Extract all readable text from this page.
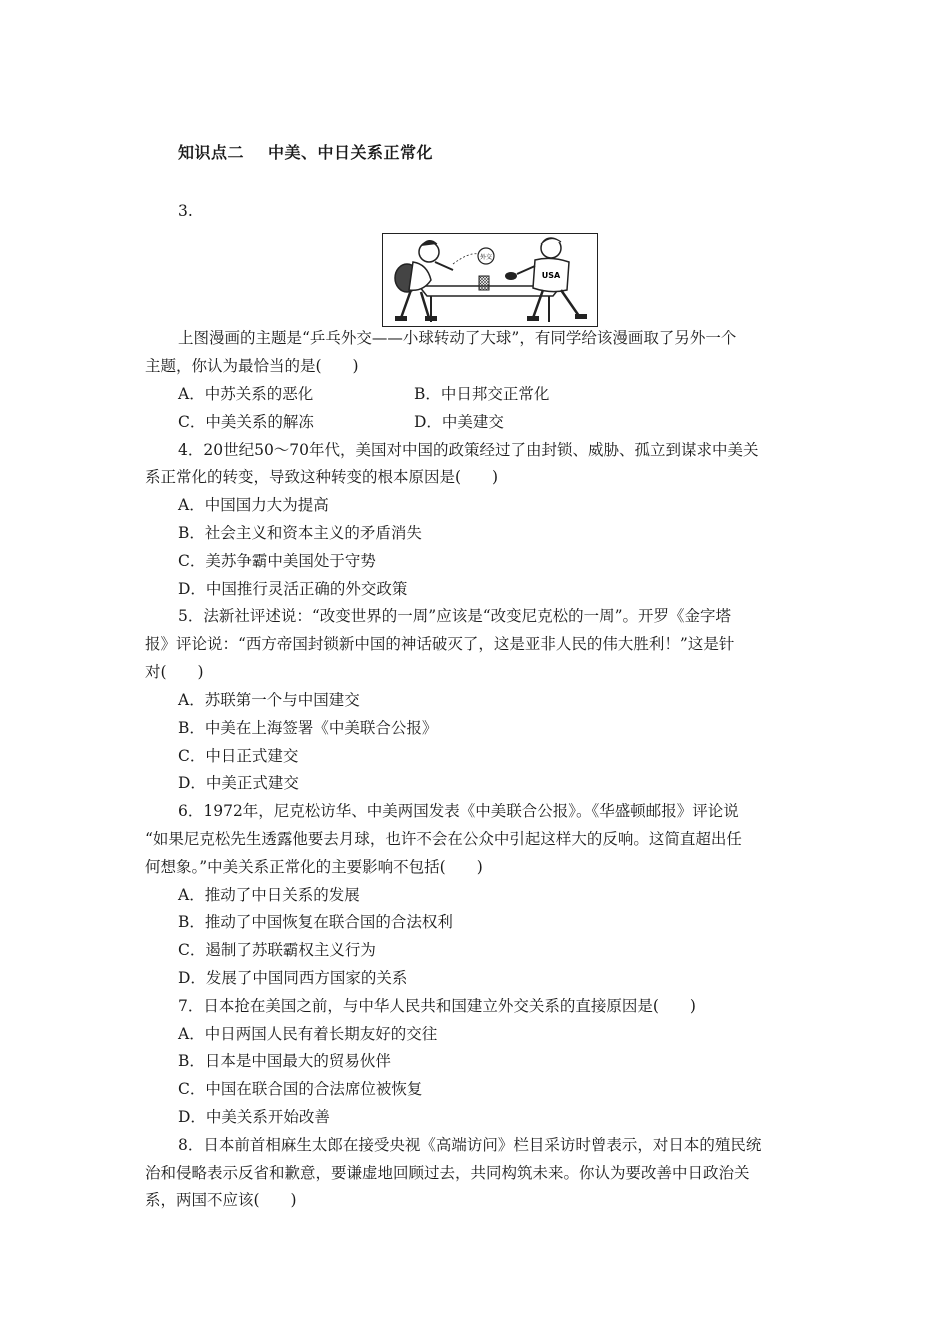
知识点二 中美、中日关系正常化
3.
外交
USA
上图漫画的主题是“乒乓外交——小球转动了大球”，有同学给该漫画取了另外一个
主题，你认为最恰当的是(　　)
A．中苏关系的恶化	B．中日邦交正常化
C．中美关系的解冻	D．中美建交
4．20世纪50～70年代，美国对中国的政策经过了由封锁、威胁、孤立到谋求中美关
系正常化的转变，导致这种转变的根本原因是(　　)
A．中国国力大为提高
B．社会主义和资本主义的矛盾消失
C．美苏争霸中美国处于守势
D．中国推行灵活正确的外交政策
5．法新社评述说：“改变世界的一周”应该是“改变尼克松的一周”。开罗《金字塔
报》评论说：“西方帝国封锁新中国的神话破灭了，这是亚非人民的伟大胜利！”这是针
对(　　)
A．苏联第一个与中国建交
B．中美在上海签署《中美联合公报》
C．中日正式建交
D．中美正式建交
6．1972年，尼克松访华、中美两国发表《中美联合公报》。《华盛顿邮报》评论说
“如果尼克松先生透露他要去月球，也许不会在公众中引起这样大的反响。这简直超出任
何想象。”中美关系正常化的主要影响不包括(　　)
A．推动了中日关系的发展
B．推动了中国恢复在联合国的合法权利
C．遏制了苏联霸权主义行为
D．发展了中国同西方国家的关系
7．日本抢在美国之前，与中华人民共和国建立外交关系的直接原因是(　　)
A．中日两国人民有着长期友好的交往
B．日本是中国最大的贸易伙伴
C．中国在联合国的合法席位被恢复
D．中美关系开始改善
8．日本前首相麻生太郎在接受央视《高端访问》栏目采访时曾表示，对日本的殖民统
治和侵略表示反省和歉意，要谦虚地回顾过去，共同构筑未来。你认为要改善中日政治关
系，两国不应该(　　)
